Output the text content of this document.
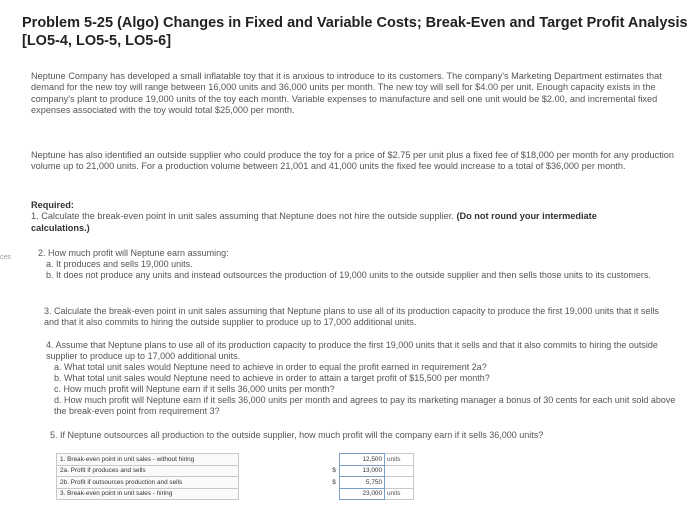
Problem 5-25 (Algo) Changes in Fixed and Variable Costs; Break-Even and Target Profit Analysis [LO5-4, LO5-5, LO5-6]
Neptune Company has developed a small inflatable toy that it is anxious to introduce to its customers. The company's Marketing Department estimates that demand for the new toy will range between 16,000 units and 36,000 units per month. The new toy will sell for $4.00 per unit. Enough capacity exists in the company's plant to produce 19,000 units of the toy each month. Variable expenses to manufacture and sell one unit would be $2.00, and incremental fixed expenses associated with the toy would total $25,000 per month.
Neptune has also identified an outside supplier who could produce the toy for a price of $2.75 per unit plus a fixed fee of $18,000 per month for any production volume up to 21,000 units. For a production volume between 21,001 and 41,000 units the fixed fee would increase to a total of $36,000 per month.
Required:
1. Calculate the break-even point in unit sales assuming that Neptune does not hire the outside supplier. (Do not round your intermediate calculations.)
ces	2. How much profit will Neptune earn assuming:
a. It produces and sells 19,000 units.
b. It does not produce any units and instead outsources the production of 19,000 units to the outside supplier and then sells those units to its customers.
3. Calculate the break-even point in unit sales assuming that Neptune plans to use all of its production capacity to produce the first 19,000 units that it sells and that it also commits to hiring the outside supplier to produce up to 17,000 additional units.
4. Assume that Neptune plans to use all of its production capacity to produce the first 19,000 units that it sells and that it also commits to hiring the outside supplier to produce up to 17,000 additional units.
a. What total unit sales would Neptune need to achieve in order to equal the profit earned in requirement 2a?
b. What total unit sales would Neptune need to achieve in order to attain a target profit of $15,500 per month?
c. How much profit will Neptune earn if it sells 36,000 units per month?
d. How much profit will Neptune earn if it sells 36,000 units per month and agrees to pay its marketing manager a bonus of 30 cents for each unit sold above the break-even point from requirement 3?
5. If Neptune outsources all production to the outside supplier, how much profit will the company earn if it sells 36,000 units?
1. Break-even point in unit sales - without hiring			12,500	units
2a. Profit if produces and sells		$	13,000	
2b. Profit if outsources production and sells		$	5,750	
3. Break-even point in unit sales - hiring			23,000	units
